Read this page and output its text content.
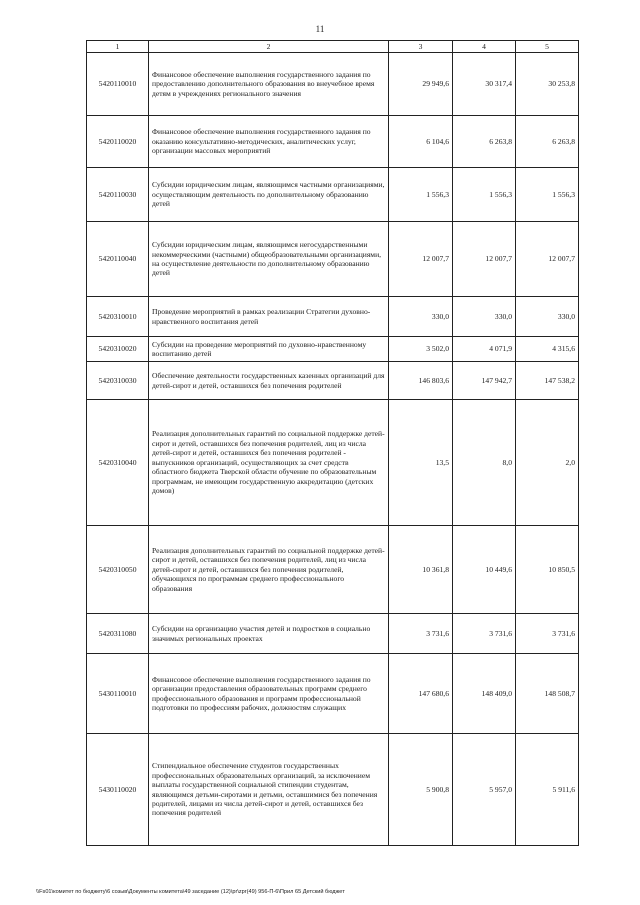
11
1	2	3	4	5
5420110010	Финансовое обеспечение выполнения государственного задания по предоставлению дополнительного образования во внеучебное время детям в учреждениях регионального значения	29 949,6	30 317,4	30 253,8
5420110020	Финансовое обеспечение выполнения государственного задания по оказанию консультативно-методических, аналитических услуг, организации массовых мероприятий	6 104,6	6 263,8	6 263,8
5420110030	Субсидии юридическим лицам, являющимся частными организациями, осуществляющим деятельность по дополнительному образованию детей	1 556,3	1 556,3	1 556,3
5420110040	Субсидии юридическим лицам, являющимся негосударственными некоммерческими (частными) общеобразовательными организациями, на осуществление деятельности по дополнительному образованию детей	12 007,7	12 007,7	12 007,7
5420310010	Проведение мероприятий в рамках реализации Стратегии духовно-нравственного воспитания детей	330,0	330,0	330,0
5420310020	Субсидии на проведение мероприятий по духовно-нравственному воспитанию детей	3 502,0	4 071,9	4 315,6
5420310030	Обеспечение деятельности государственных казенных организаций для детей-сирот и детей, оставшихся без попечения родителей	146 803,6	147 942,7	147 538,2
5420310040	Реализация дополнительных гарантий по социальной поддержке детей-сирот и детей, оставшихся без попечения родителей, лиц из числа детей-сирот и детей, оставшихся без попечения родителей - выпускников организаций, осуществляющих за счет средств областного бюджета Тверской области обучение по образовательным программам, не имеющим государственную аккредитацию (детских домов)	13,5	8,0	2,0
5420310050	Реализация дополнительных гарантий по социальной поддержке детей-сирот и детей, оставшихся без попечения родителей, лиц из числа детей-сирот и детей, оставшихся без попечения родителей, обучающихся по программам среднего профессионального образования	10 361,8	10 449,6	10 850,5
5420311080	Субсидии на организацию участия детей и подростков в социально значимых региональных проектах	3 731,6	3 731,6	3 731,6
5430110010	Финансовое обеспечение выполнения государственного задания по организации предоставления образовательных программ среднего профессионального образования и программ профессиональной подготовки по профессиям рабочих, должностям служащих	147 680,6	148 409,0	148 508,7
5430110020	Стипендиальное обеспечение студентов государственных профессиональных образовательных организаций, за исключением выплаты государственной социальной стипендии студентам, являющимся детьми-сиротами и детьми, оставшимися без попечения родителей, лицами из числа детей-сирот и детей, оставшихся без попечения родителей	5 900,8	5 957,0	5 911,6
\\Fs01\комитет по бюджету\6 созыв\Документы комитета\49 заседание (12)\pr\zpr(49) 956-П-6\Прил 65 Детский бюджет
